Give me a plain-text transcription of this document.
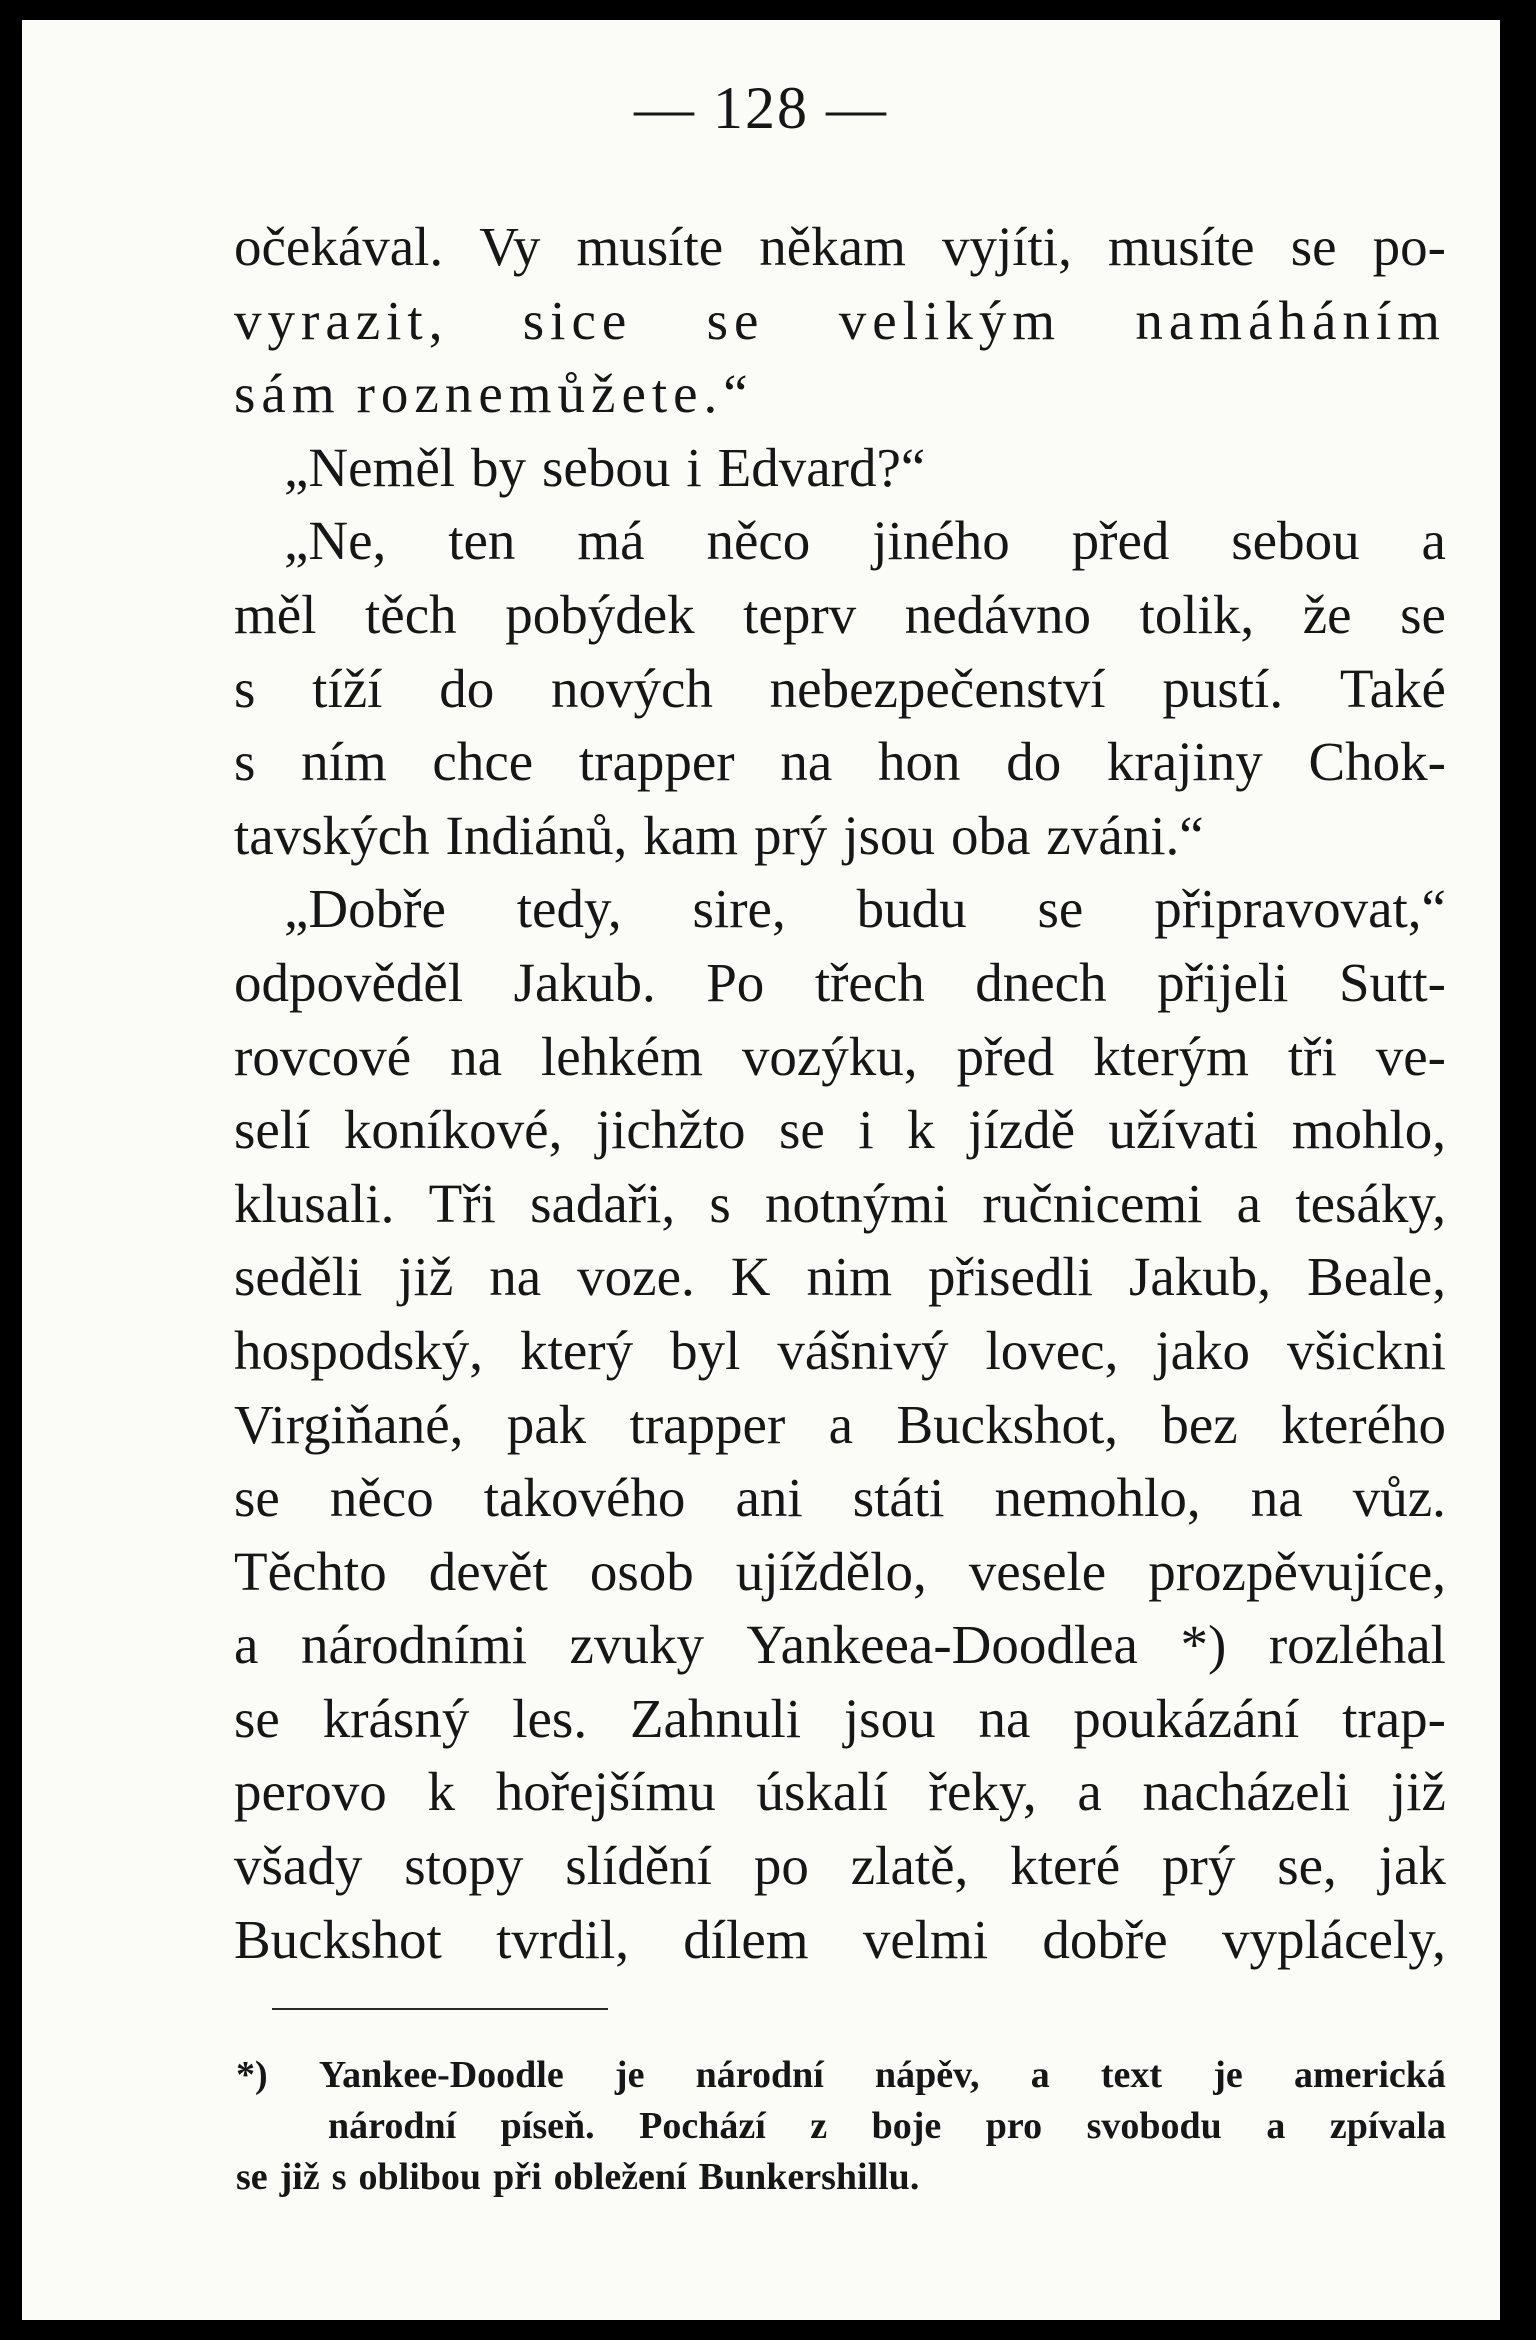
— 128 —
očekával. Vy musíte někam vyjíti, musíte se po-
vyrazit, sice se velikým namáháním
sám roznemůžete.“
„Neměl by sebou i Edvard?“
„Ne, ten má něco jiného před sebou a
měl těch pobýdek teprv nedávno tolik, že se
s tíží do nových nebezpečenství pustí. Také
s ním chce trapper na hon do krajiny Chok-
tavských Indiánů, kam prý jsou oba zváni.“
„Dobře tedy, sire, budu se připravovat,“
odpověděl Jakub. Po třech dnech přijeli Sutt-
rovcové na lehkém vozýku, před kterým tři ve-
selí koníkové, jichžto se i k jízdě užívati mohlo,
klusali. Tři sadaři, s notnými ručnicemi a tesáky,
seděli již na voze. K nim přisedli Jakub, Beale,
hospodský, který byl vášnivý lovec, jako všickni
Virgiňané, pak trapper a Buckshot, bez kterého
se něco takového ani státi nemohlo, na vůz.
Těchto devět osob ujíždělo, vesele prozpěvujíce,
a národními zvuky Yankeea-Doodlea *) rozléhal
se krásný les. Zahnuli jsou na poukázání trap-
perovo k hořejšímu úskalí řeky, a nacházeli již
všady stopy slídění po zlatě, které prý se, jak
Buckshot tvrdil, dílem velmi dobře vyplácely,
*) Yankee-Doodle je národní nápěv, a text je americká
národní píseň. Pochází z boje pro svobodu a zpívala
se již s oblibou při obležení Bunkershillu.
